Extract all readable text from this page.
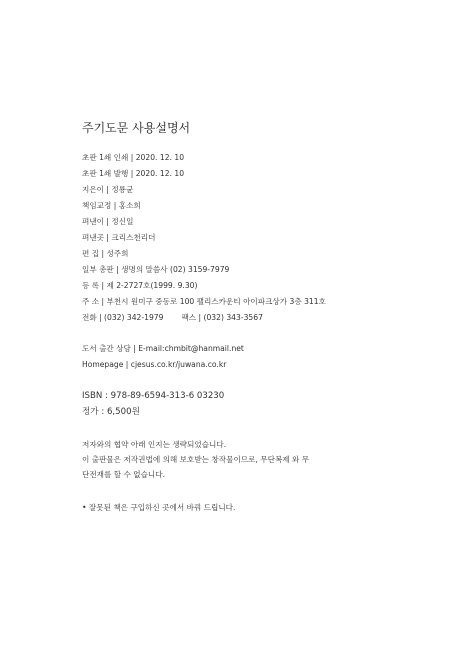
주기도문 사용설명서
초판 1쇄 인쇄 | 2020. 12. 10
초판 1쇄 발행 | 2020. 12. 10
지은이 | 정룡균
책임교정 | 홍소희
펴낸이 | 정신일
펴낸곳 | 크리스천리더
편 집 | 성주희
일부 총판 | 생명의 말씀사 (02) 3159-7979
등 록 | 제 2-2727호(1999. 9.30)
주 소 | 부천시 원미구 중동로 100 팰리스카운티 아이파크상가 3층 311호
전화 | (032) 342-1979 팩스 | (032) 343-3567
도서 출간 상담 | E-mail:chmbit@hanmail.net
Homepage | cjesus.co.kr/juwana.co.kr
ISBN : 978-89-6594-313-6 03230
정가 : 6,500원
저자와의 협약 아래 인지는 생략되었습니다.
이 출판물은 저작권법에 의해 보호받는 창작물이므로, 무단복제 와 무
단전재를 할 수 없습니다.
• 잘못된 책은 구입하신 곳에서 바꿔 드립니다.
